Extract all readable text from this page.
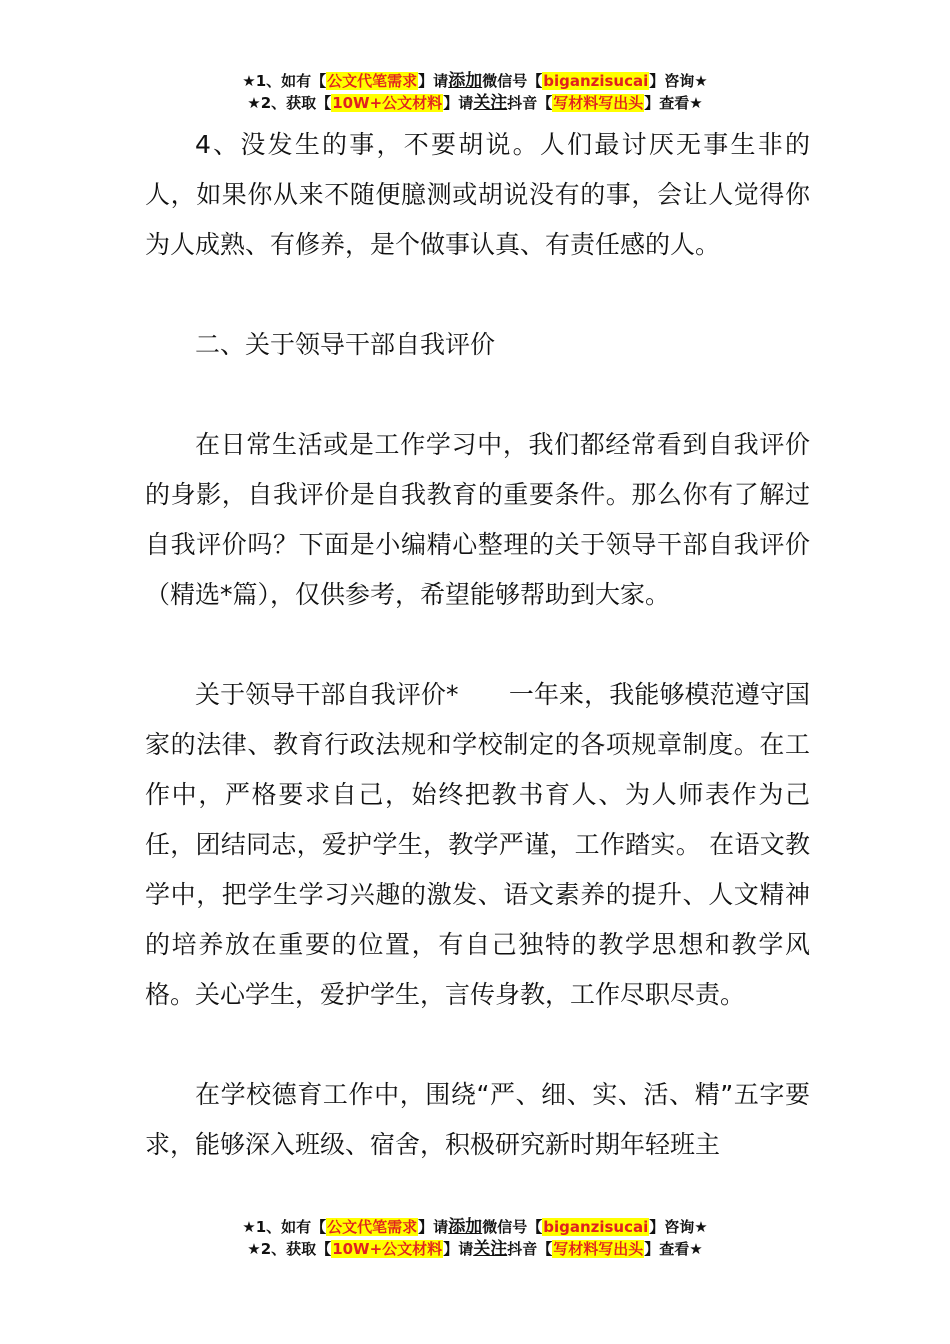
★1、如有【公文代笔需求】请添加微信号【biganzisucai】咨询★
★2、获取【10W+公文材料】请关注抖音【写材料写出头】查看★

4、没发生的事，不要胡说。人们最讨厌无事生非的人，如果你从来不随便臆测或胡说没有的事，会让人觉得你为人成熟、有修养，是个做事认真、有责任感的人。

二、关于领导干部自我评价

在日常生活或是工作学习中，我们都经常看到自我评价的身影，自我评价是自我教育的重要条件。那么你有了解过自我评价吗？下面是小编精心整理的关于领导干部自我评价（精选*篇），仅供参考，希望能够帮助到大家。

关于领导干部自我评价*　　一年来，我能够模范遵守国家的法律、教育行政法规和学校制定的各项规章制度。在工作中，严格要求自己，始终把教书育人、为人师表作为己任，团结同志，爱护学生，教学严谨，工作踏实。 在语文教学中，把学生学习兴趣的激发、语文素养的提升、人文精神的培养放在重要的位置，有自己独特的教学思想和教学风格。关心学生，爱护学生，言传身教，工作尽职尽责。

在学校德育工作中，围绕“严、细、实、活、精”五字要求，能够深入班级、宿舍，积极研究新时期年轻班主

★1、如有【公文代笔需求】请添加微信号【biganzisucai】咨询★
★2、获取【10W+公文材料】请关注抖音【写材料写出头】查看★
